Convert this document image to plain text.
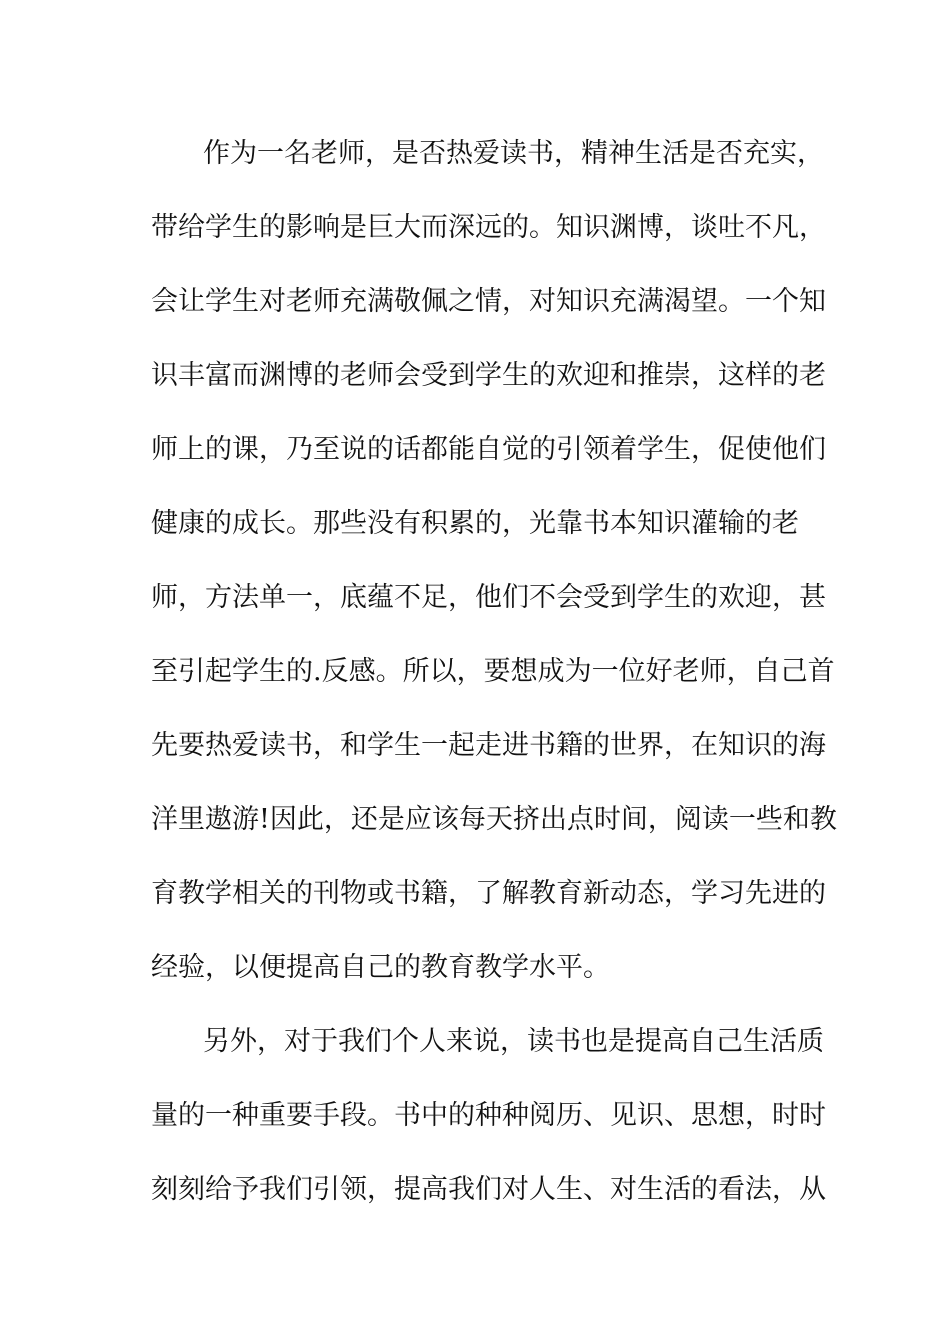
作为一名老师，是否热爱读书，精神生活是否充实，

带给学生的影响是巨大而深远的。知识渊博，谈吐不凡，

会让学生对老师充满敬佩之情，对知识充满渴望。一个知

识丰富而渊博的老师会受到学生的欢迎和推崇，这样的老

师上的课，乃至说的话都能自觉的引领着学生，促使他们

健康的成长。那些没有积累的，光靠书本知识灌输的老

师，方法单一，底蕴不足，他们不会受到学生的欢迎，甚

至引起学生的.反感。所以，要想成为一位好老师，自己首

先要热爱读书，和学生一起走进书籍的世界，在知识的海

洋里遨游!因此，还是应该每天挤出点时间，阅读一些和教

育教学相关的刊物或书籍，了解教育新动态，学习先进的

经验，以便提高自己的教育教学水平。

另外，对于我们个人来说，读书也是提高自己生活质

量的一种重要手段。书中的种种阅历、见识、思想，时时

刻刻给予我们引领，提高我们对人生、对生活的看法，从
